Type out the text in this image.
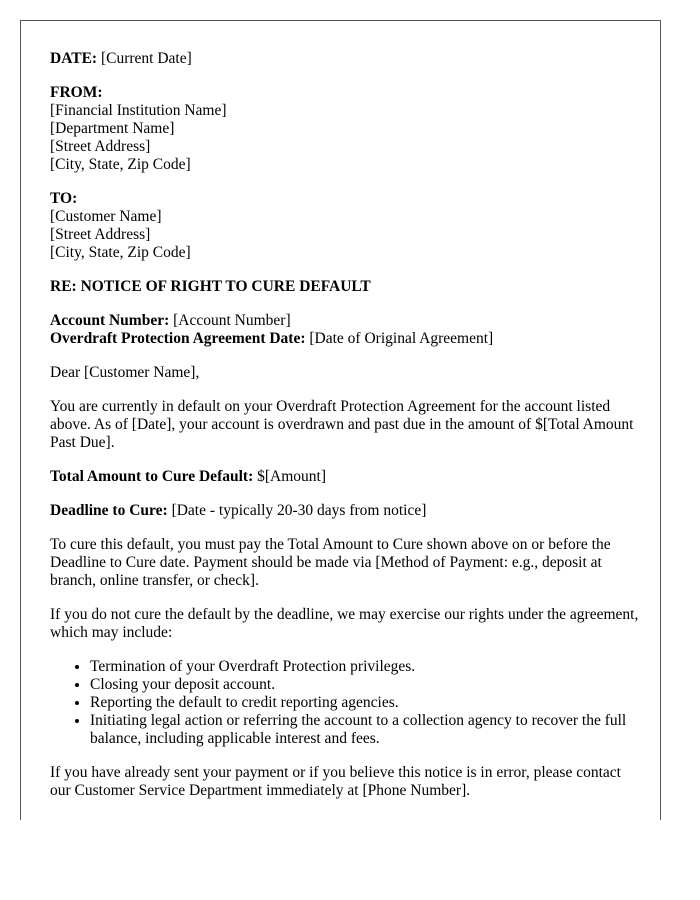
DATE: [Current Date]
FROM:
[Financial Institution Name]
[Department Name]
[Street Address]
[City, State, Zip Code]
TO:
[Customer Name]
[Street Address]
[City, State, Zip Code]
RE: NOTICE OF RIGHT TO CURE DEFAULT
Account Number: [Account Number]
Overdraft Protection Agreement Date: [Date of Original Agreement]

Dear [Customer Name],

You are currently in default on your Overdraft Protection Agreement for the account listed above. As of [Date], your account is overdrawn and past due in the amount of $[Total Amount Past Due].

Total Amount to Cure Default: $[Amount]
Deadline to Cure: [Date - typically 20-30 days from notice]

To cure this default, you must pay the Total Amount to Cure shown above on or before the Deadline to Cure date. Payment should be made via [Method of Payment: e.g., deposit at branch, online transfer, or check].

If you do not cure the default by the deadline, we may exercise our rights under the agreement, which may include:

• Termination of your Overdraft Protection privileges.
• Closing your deposit account.
• Reporting the default to credit reporting agencies.
• Initiating legal action or referring the account to a collection agency to recover the full balance, including applicable interest and fees.

If you have already sent your payment or if you believe this notice is in error, please contact our Customer Service Department immediately at [Phone Number].
